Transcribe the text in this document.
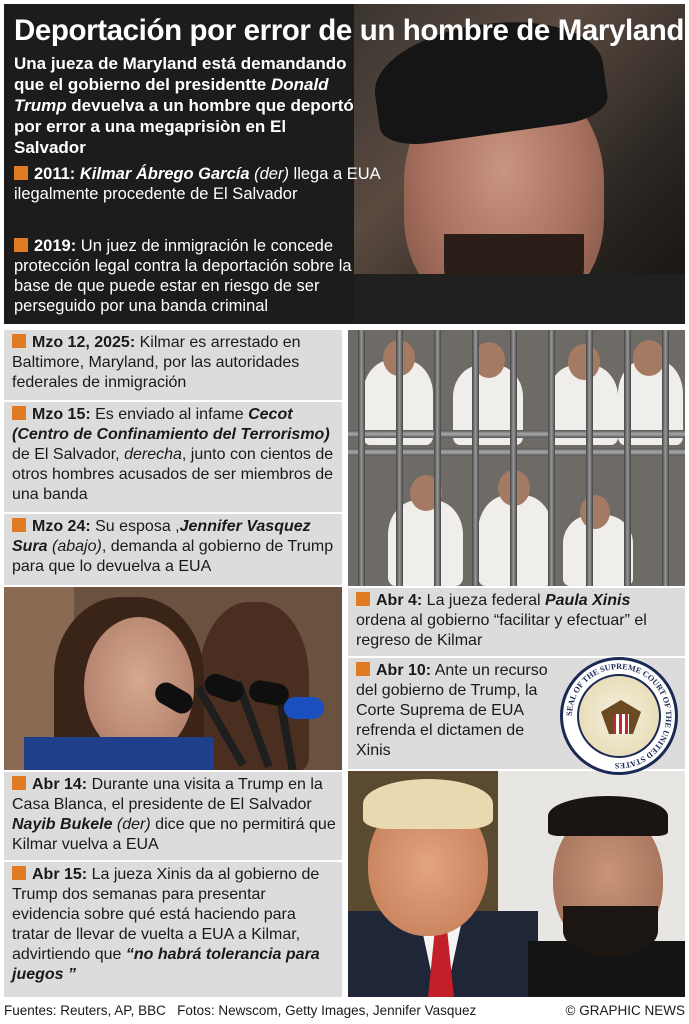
Deportación por error de un hombre de Maryland
Una jueza de Maryland está demandando que el gobierno del presidentte Donald Trump devuelva a un hombre que deportó por error a una megaprisiòn en El Salvador
2011: Kilmar Ábrego García (der) llega a EUA ilegalmente procedente de El Salvador
2019: Un juez de inmigración le concede protección legal contra la deportación sobre la base de que puede estar en riesgo de ser perseguido por una banda criminal
Mzo 12, 2025: Kilmar es arrestado en Baltimore, Maryland, por las autoridades federales de inmigración
Mzo 15: Es enviado al infame Cecot (Centro de Confinamiento del Terrorismo) de El Salvador, derecha, junto con cientos de otros hombres acusados de ser miembros de una banda
Mzo 24: Su esposa ,Jennifer Vasquez Sura (abajo), demanda al gobierno de Trump para que lo devuelva a EUA
Abr 4: La jueza federal Paula Xinis ordena al gobierno “facilitar y efectuar” el regreso de Kilmar
Abr 10: Ante un recurso del gobierno de Trump, la Corte Suprema de EUA refrenda el dictamen de Xinis
SEAL OF THE SUPREME COURT OF THE UNITED STATES
Abr 14: Durante una visita a Trump en la Casa Blanca, el presidente de El Salvador Nayib Bukele (der) dice que no permitirá que Kilmar vuelva a EUA
Abr 15: La jueza Xinis da al gobierno de Trump dos semanas para presentar evidencia sobre qué está haciendo para tratar de llevar de vuelta a EUA a Kilmar, advirtiendo que “no habrá tolerancia para juegos ”
Fuentes: Reuters, AP, BBC   Fotos: Newscom, Getty Images, Jennifer Vasquez	© GRAPHIC NEWS
